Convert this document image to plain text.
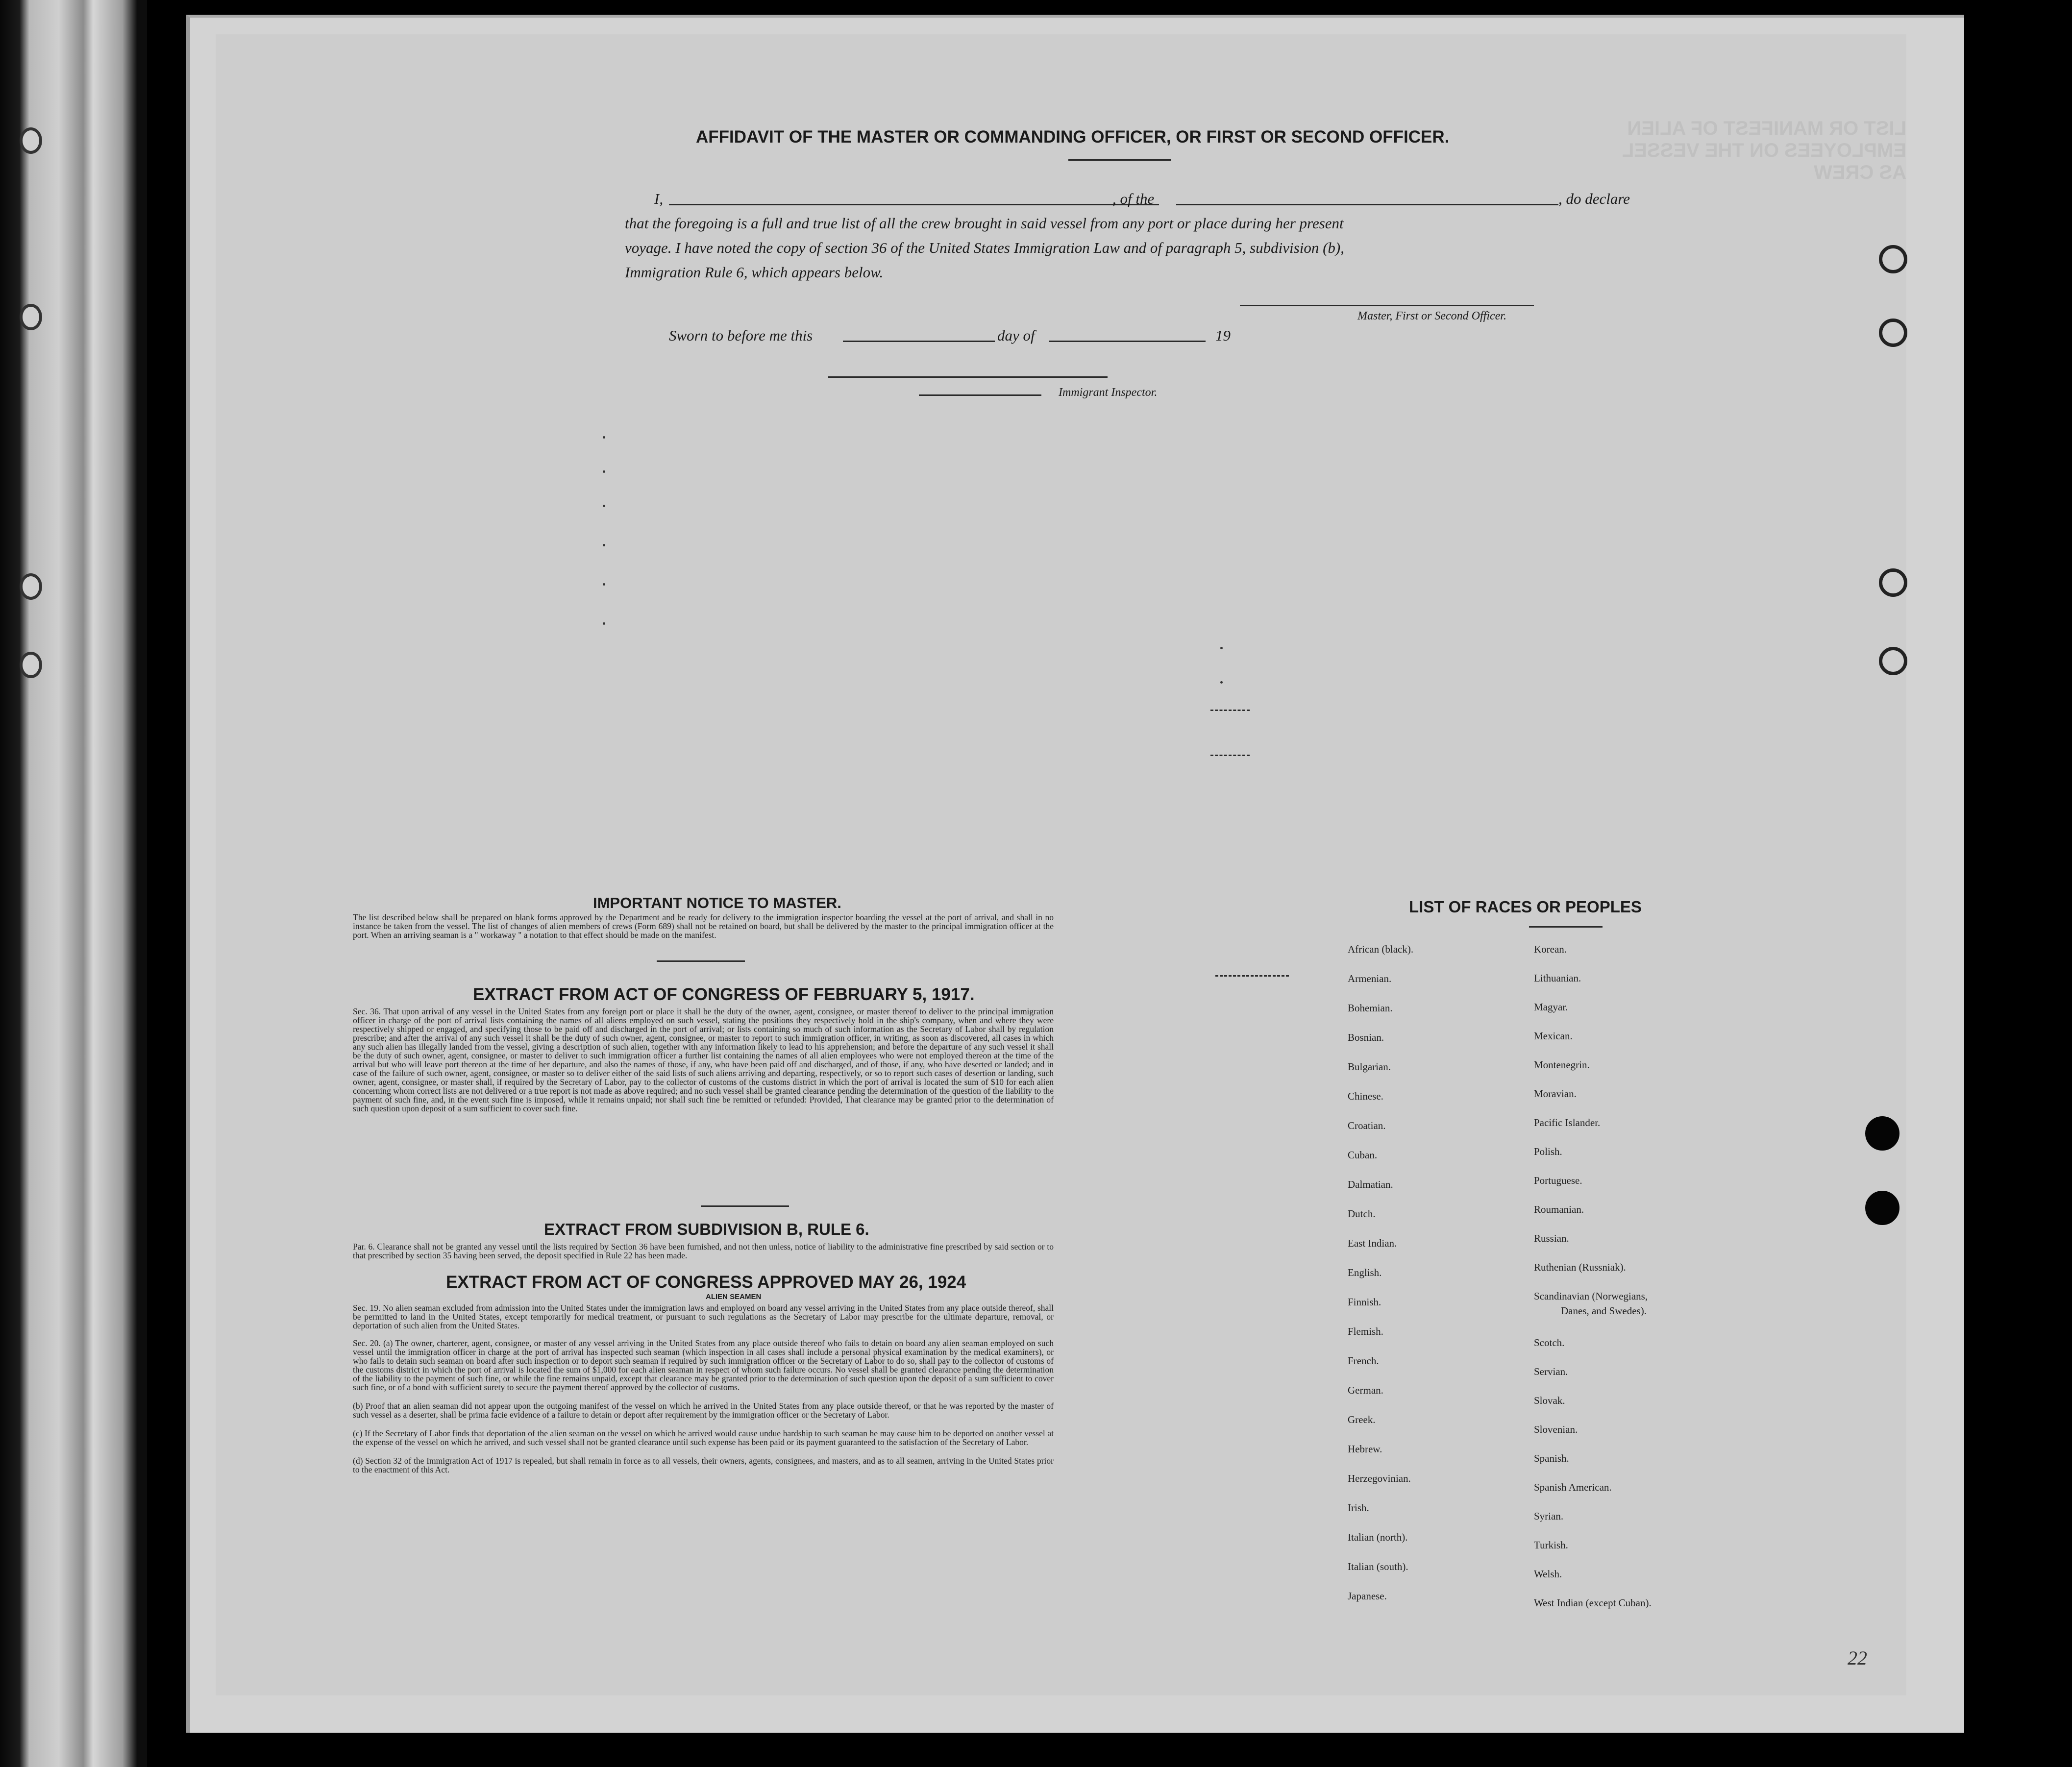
LIST OR MANIFEST OF ALIEN EMPLOYEES ON THE VESSEL AS CREW
AFFIDAVIT OF THE MASTER OR COMMANDING OFFICER, OR FIRST OR SECOND OFFICER.
I,	, of the	, do declare
that the foregoing is a full and true list of all the crew brought in said vessel from any port or place during her present
voyage. I have noted the copy of section 36 of the United States Immigration Law and of paragraph 5, subdivision (b),
Immigration Rule 6, which appears below.
Master, First or Second Officer.
Sworn to before me this	day of	19
Immigrant Inspector.
IMPORTANT NOTICE TO MASTER.

The list described below shall be prepared on blank forms approved by the Department and be ready for delivery to the immigration inspector boarding the vessel at the port of arrival, and shall in no instance be taken from the vessel. The list of changes of alien members of crews (Form 689) shall not be retained on board, but shall be delivered by the master to the principal immigration officer at the port. When an arriving seaman is a " workaway " a notation to that effect should be made on the manifest.

EXTRACT FROM ACT OF CONGRESS OF FEBRUARY 5, 1917.

Sec. 36. That upon arrival of any vessel in the United States from any foreign port or place it shall be the duty of the owner, agent, consignee, or master thereof to deliver to the principal immigration officer in charge of the port of arrival lists containing the names of all aliens employed on such vessel, stating the positions they respectively hold in the ship's company, when and where they were respectively shipped or engaged, and specifying those to be paid off and discharged in the port of arrival; or lists containing so much of such information as the Secretary of Labor shall by regulation prescribe; and after the arrival of any such vessel it shall be the duty of such owner, agent, consignee, or master to report to such immigration officer, in writing, as soon as discovered, all cases in which any such alien has illegally landed from the vessel, giving a description of such alien, together with any information likely to lead to his apprehension; and before the departure of any such vessel it shall be the duty of such owner, agent, consignee, or master to deliver to such immigration officer a further list containing the names of all alien employees who were not employed thereon at the time of the arrival but who will leave port thereon at the time of her departure, and also the names of those, if any, who have been paid off and discharged, and of those, if any, who have deserted or landed; and in case of the failure of such owner, agent, consignee, or master so to deliver either of the said lists of such aliens arriving and departing, respectively, or so to report such cases of desertion or landing, such owner, agent, consignee, or master shall, if required by the Secretary of Labor, pay to the collector of customs of the customs district in which the port of arrival is located the sum of $10 for each alien concerning whom correct lists are not delivered or a true report is not made as above required; and no such vessel shall be granted clearance pending the determination of the question of the liability to the payment of such fine, and, in the event such fine is imposed, while it remains unpaid; nor shall such fine be remitted or refunded: Provided, That clearance may be granted prior to the determination of such question upon deposit of a sum sufficient to cover such fine.

EXTRACT FROM SUBDIVISION B, RULE 6.

Par. 6. Clearance shall not be granted any vessel until the lists required by Section 36 have been furnished, and not then unless, notice of liability to the administrative fine prescribed by said section or to that prescribed by section 35 having been served, the deposit specified in Rule 22 has been made.

EXTRACT FROM ACT OF CONGRESS APPROVED MAY 26, 1924
ALIEN SEAMEN

Sec. 19. No alien seaman excluded from admission into the United States under the immigration laws and employed on board any vessel arriving in the United States from any place outside thereof, shall be permitted to land in the United States, except temporarily for medical treatment, or pursuant to such regulations as the Secretary of Labor may prescribe for the ultimate departure, removal, or deportation of such alien from the United States.

Sec. 20. (a) The owner, charterer, agent, consignee, or master of any vessel arriving in the United States from any place outside thereof who fails to detain on board any alien seaman employed on such vessel until the immigration officer in charge at the port of arrival has inspected such seaman (which inspection in all cases shall include a personal physical examination by the medical examiners), or who fails to detain such seaman on board after such inspection or to deport such seaman if required by such immigration officer or the Secretary of Labor to do so, shall pay to the collector of customs of the customs district in which the port of arrival is located the sum of $1,000 for each alien seaman in respect of whom such failure occurs. No vessel shall be granted clearance pending the determination of the liability to the payment of such fine, or while the fine remains unpaid, except that clearance may be granted prior to the determination of such question upon the deposit of a sum sufficient to cover such fine, or of a bond with sufficient surety to secure the payment thereof approved by the collector of customs.

(b) Proof that an alien seaman did not appear upon the outgoing manifest of the vessel on which he arrived in the United States from any place outside thereof, or that he was reported by the master of such vessel as a deserter, shall be prima facie evidence of a failure to detain or deport after requirement by the immigration officer or the Secretary of Labor.

(c) If the Secretary of Labor finds that deportation of the alien seaman on the vessel on which he arrived would cause undue hardship to such seaman he may cause him to be deported on another vessel at the expense of the vessel on which he arrived, and such vessel shall not be granted clearance until such expense has been paid or its payment guaranteed to the satisfaction of the Secretary of Labor.

(d) Section 32 of the Immigration Act of 1917 is repealed, but shall remain in force as to all vessels, their owners, agents, consignees, and masters, and as to all seamen, arriving in the United States prior to the enactment of this Act.

LIST OF RACES OR PEOPLES
African (black).
Armenian.
Bohemian.
Bosnian.
Bulgarian.
Chinese.
Croatian.
Cuban.
Dalmatian.
Dutch.
East Indian.
English.
Finnish.
Flemish.
French.
German.
Greek.
Hebrew.
Herzegovinian.
Irish.
Italian (north).
Italian (south).
Japanese.
Korean.
Lithuanian.
Magyar.
Mexican.
Montenegrin.
Moravian.
Pacific Islander.
Polish.
Portuguese.
Roumanian.
Russian.
Ruthenian (Russniak).
Scandinavian (Norwegians,
Danes, and Swedes).
Scotch.
Servian.
Slovak.
Slovenian.
Spanish.
Spanish American.
Syrian.
Turkish.
Welsh.
West Indian (except Cuban).
22
